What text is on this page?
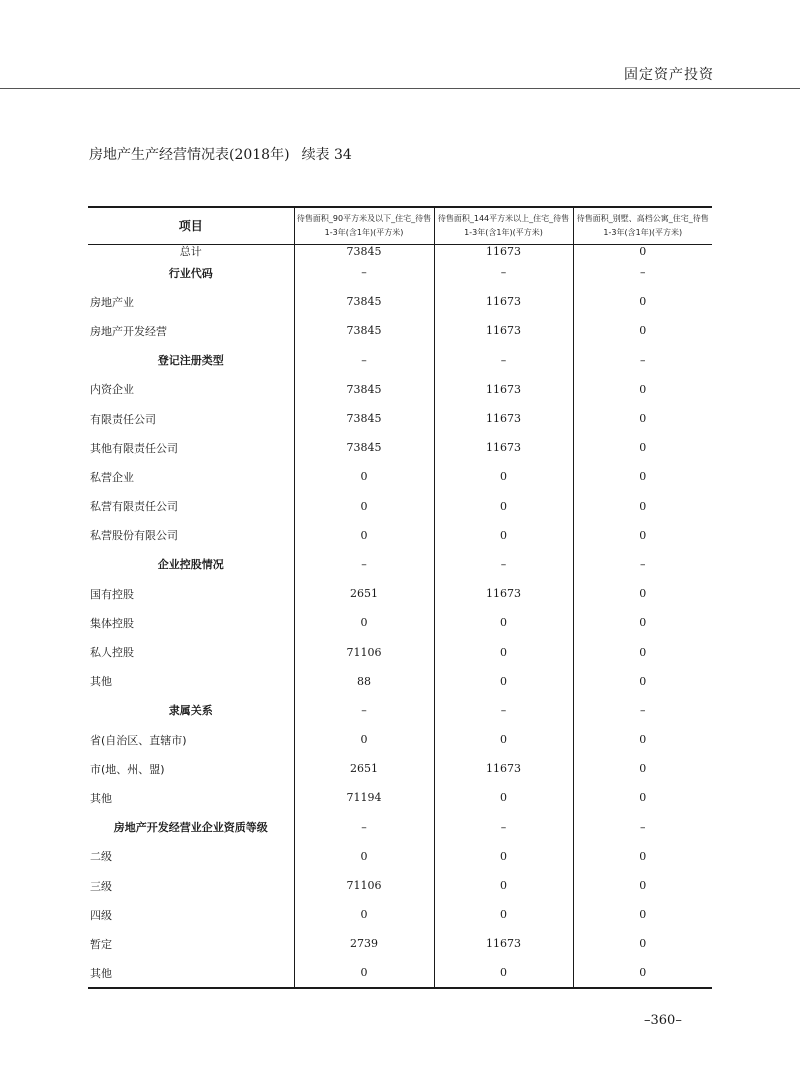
固定资产投资
房地产生产经营情况表(2018年) 续表 34
项目	待售面积_90平方米及以下_住宅_待售1-3年(含1年)(平方米)	待售面积_144平方米以上_住宅_待售1-3年(含1年)(平方米)	待售面积_别墅、高档公寓_住宅_待售1-3年(含1年)(平方米)
总计	73845	11673	0
行业代码	–	–	–
房地产业	73845	11673	0
房地产开发经营	73845	11673	0
登记注册类型	–	–	–
内资企业	73845	11673	0
有限责任公司	73845	11673	0
其他有限责任公司	73845	11673	0
私营企业	0	0	0
私营有限责任公司	0	0	0
私营股份有限公司	0	0	0
企业控股情况	–	–	–
国有控股	2651	11673	0
集体控股	0	0	0
私人控股	71106	0	0
其他	88	0	0
隶属关系	–	–	–
省(自治区、直辖市)	0	0	0
市(地、州、盟)	2651	11673	0
其他	71194	0	0
房地产开发经营业企业资质等级	–	–	–
二级	0	0	0
三级	71106	0	0
四级	0	0	0
暂定	2739	11673	0
其他	0	0	0
–360–
